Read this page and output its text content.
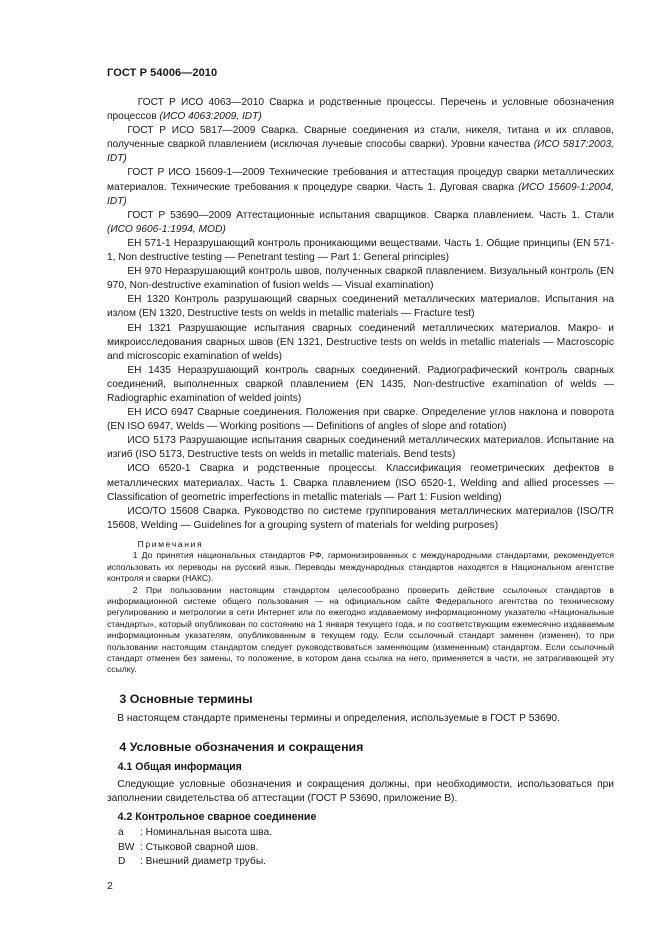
ГОСТ Р 54006—2010

  ГОСТ Р ИСО 4063—2010 Сварка и родственные процессы. Перечень и условные обозначения процессов (ИСО 4063:2009, IDT)

  ГОСТ Р ИСО 5817—2009 Сварка. Сварные соединения из стали, никеля, титана и их сплавов, полученные сваркой плавлением (исключая лучевые способы сварки). Уровни качества (ИСО 5817:2003, IDT)

  ГОСТ Р ИСО 15609-1—2009 Технические требования и аттестация процедур сварки металлических материалов. Технические требования к процедуре сварки. Часть 1. Дуговая сварка (ИСО 15609-1:2004, IDT)

  ГОСТ Р 53690—2009 Аттестационные испытания сварщиков. Сварка плавлением. Часть 1. Стали (ИСО 9606-1:1994, MOD)

  ЕН 571-1 Неразрушающий контроль проникающими веществами. Часть 1. Общие принципы (EN 571-1, Non destructive testing — Penetrant testing — Part 1: General principles)

  ЕН 970 Неразрушающий контроль швов, полученных сваркой плавлением. Визуальный контроль (EN 970, Non-destructive examination of fusion welds — Visual examination)

  ЕН 1320 Контроль разрушающий сварных соединений металлических материалов. Испытания на излом (EN 1320, Destructive tests on welds in metallic materials — Fracture test)

  ЕН 1321 Разрушающие испытания сварных соединений металлических материалов. Макро- и микроисследования сварных швов (EN 1321, Destructive tests on welds in metallic materials — Macroscopic and microscopic examination of welds)

  ЕН 1435 Неразрушающий контроль сварных соединений. Радиографический контроль сварных соединений, выполненных сваркой плавлением (EN 1435, Non-destructive examination of welds — Radiographic examination of welded joints)

  ЕН ИСО 6947 Сварные соединения. Положения при сварке. Определение углов наклона и поворота (EN ISO 6947, Welds — Working positions — Definitions of angles of slope and rotation)

  ИСО 5173 Разрушающие испытания сварных соединений металлических материалов. Испытание на изгиб (ISO 5173, Destructive tests on welds in metallic materials. Bend tests)

  ИСО 6520-1 Сварка и родственные процессы. Классификация геометрических дефектов в металлических материалах. Часть 1. Сварка плавлением (ISO 6520-1, Welding and allied processes — Classification of geometric imperfections in metallic materials — Part 1: Fusion welding)

  ИСО/ТО 15608 Сварка. Руководство по системе группирования металлических материалов (ISO/TR 15608, Welding — Guidelines for a grouping system of materials for welding purposes)

   Примечания

   1 До принятия национальных стандартов РФ, гармонизированных с международными стандартами, рекомендуется использовать их переводы на русский язык. Переводы международных стандартов находятся в Национальном агентстве контроля и сварки (НАКС).

   2 При пользовании настоящим стандартом целесообразно проверить действие ссылочных стандартов в информационной системе общего пользования — на официальном сайте Федерального агентства по техническому регулированию и метрологии в сети Интернет или по ежегодно издаваемому информационному указателю «Национальные стандарты», который опубликован по состоянию на 1 января текущего года, и по соответствующим ежемесячно издаваемым информационным указателям, опубликованным в текущем году. Если ссылочный стандарт заменен (изменен), то при пользовании настоящим стандартом следует руководствоваться заменяющим (измененным) стандартом. Если ссылочный стандарт отменен без замены, то положение, в котором дана ссылка на него, применяется в части, не затрагивающей эту ссылку.

 3 Основные термины

 В настоящем стандарте применены термины и определения, используемые в ГОСТ Р 53690.

 4 Условные обозначения и сокращения

 4.1 Общая информация

 Следующие условные обозначения и сокращения должны, при необходимости, использоваться при заполнении свидетельства об аттестации (ГОСТ Р 53690, приложение В).

 4.2 Контрольное сварное соединение

a	: Номинальная высота шва.
BW : Стыковой сварной шов.
D	: Внешний диаметр трубы.
2
